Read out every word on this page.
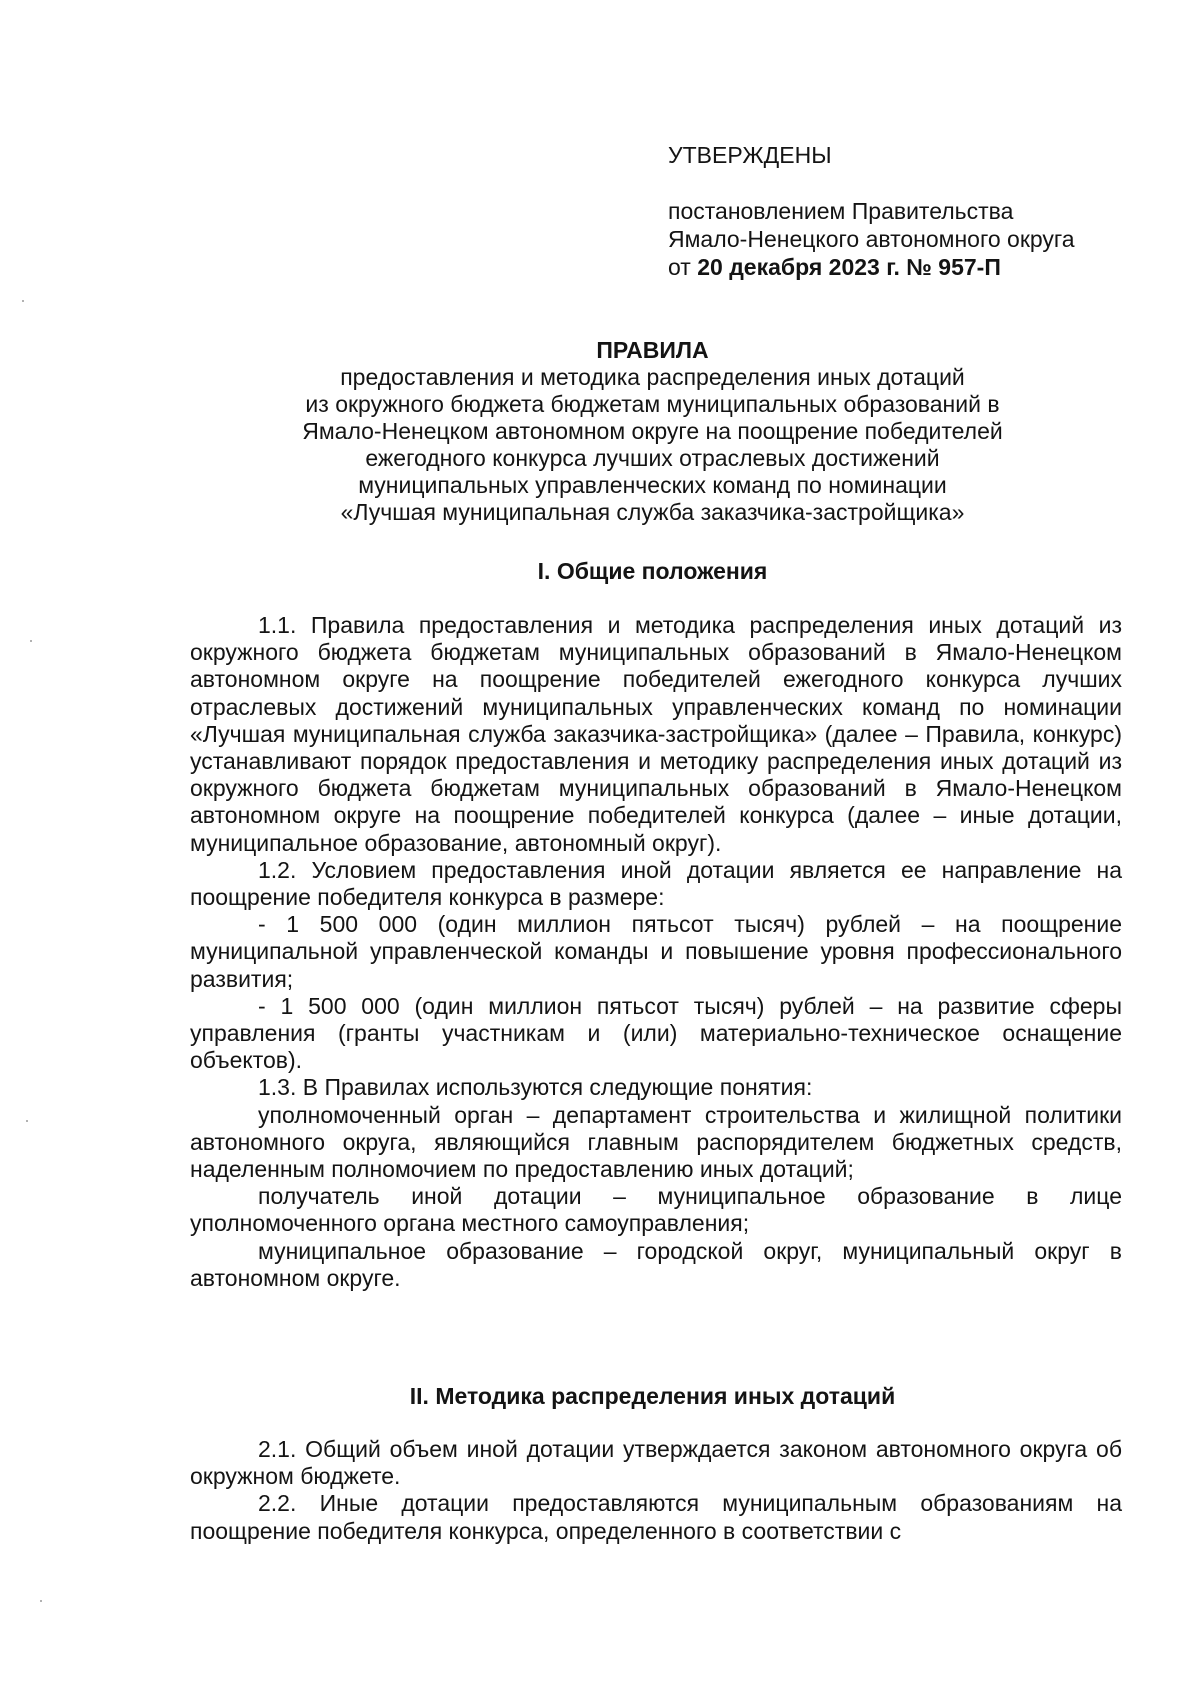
УТВЕРЖДЕНЫ
постановлением Правительства
Ямало-Ненецкого автономного округа
от 20 декабря 2023 г. № 957-П
ПРАВИЛА
предоставления и методика распределения иных дотаций
из окружного бюджета бюджетам муниципальных образований в
Ямало-Ненецком автономном округе на поощрение победителей
ежегодного конкурса лучших отраслевых достижений
муниципальных управленческих команд по номинации
«Лучшая муниципальная служба заказчика-застройщика»
I. Общие положения

1.1. Правила предоставления и методика распределения иных дотаций из окружного бюджета бюджетам муниципальных образований в Ямало-Ненецком автономном округе на поощрение победителей ежегодного конкурса лучших отраслевых достижений муниципальных управленческих команд по номинации «Лучшая муниципальная служба заказчика-застройщика» (далее – Правила, конкурс) устанавливают порядок предоставления и методику распределения иных дотаций из окружного бюджета бюджетам муниципальных образований в Ямало-Ненецком автономном округе на поощрение победителей конкурса (далее – иные дотации, муниципальное образование, автономный округ).

1.2. Условием предоставления иной дотации является ее направление на поощрение победителя конкурса в размере:

- 1 500 000 (один миллион пятьсот тысяч) рублей – на поощрение муниципальной управленческой команды и повышение уровня профессионального развития;

- 1 500 000 (один миллион пятьсот тысяч) рублей – на развитие сферы управления (гранты участникам и (или) материально-техническое оснащение объектов).

1.3. В Правилах используются следующие понятия:

уполномоченный орган – департамент строительства и жилищной политики автономного округа, являющийся главным распорядителем бюджетных средств, наделенным полномочием по предоставлению иных дотаций;

получатель иной дотации – муниципальное образование в лице уполномоченного органа местного самоуправления;

муниципальное образование – городской округ, муниципальный округ в автономном округе.

II. Методика распределения иных дотаций

2.1. Общий объем иной дотации утверждается законом автономного округа об окружном бюджете.

2.2. Иные дотации предоставляются муниципальным образованиям на поощрение победителя конкурса, определенного в соответствии с
